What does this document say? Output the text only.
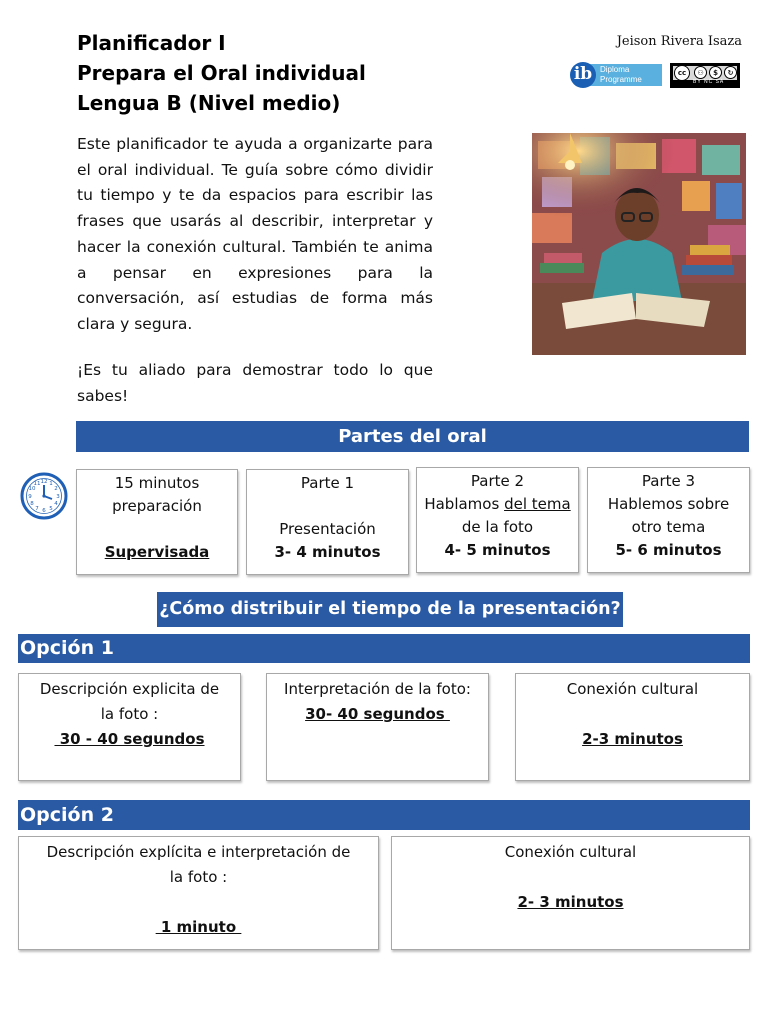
Planificador I
Prepara el Oral individual
Lengua B (Nivel medio)
Jeison Rivera Isaza
Diploma
Programme
ib	cc	⚇	$	↻
BY NC SA
Este planificador te ayuda a organizarte para el oral individual. Te guía sobre cómo dividir tu tiempo y te da espacios para escribir las frases que usarás al describir, interpretar y hacer la conexión cultural. También te anima a pensar en expresiones para la conversación, así estudias de forma más clara y segura.
¡Es tu aliado para demostrar todo lo que sabes!
Partes del oral
12 1
2
3
4
5
6
7
8
9
10
11	15 minutos
preparación
Supervisada
Parte 1
Presentación
3- 4 minutos
Parte 2
Hablamos del tema
de la foto
4- 5 minutos
Parte 3
Hablemos sobre
otro tema
5- 6 minutos
¿Cómo distribuir el tiempo de la presentación?
Opción 1
Descripción explicita de
la foto :
30 - 40 segundos
Interpretación de la foto:
30- 40 segundos
Conexión cultural
2-3 minutos
Opción 2
Descripción explícita e interpretación de
la foto :
1 minuto
Conexión cultural
2- 3 minutos
